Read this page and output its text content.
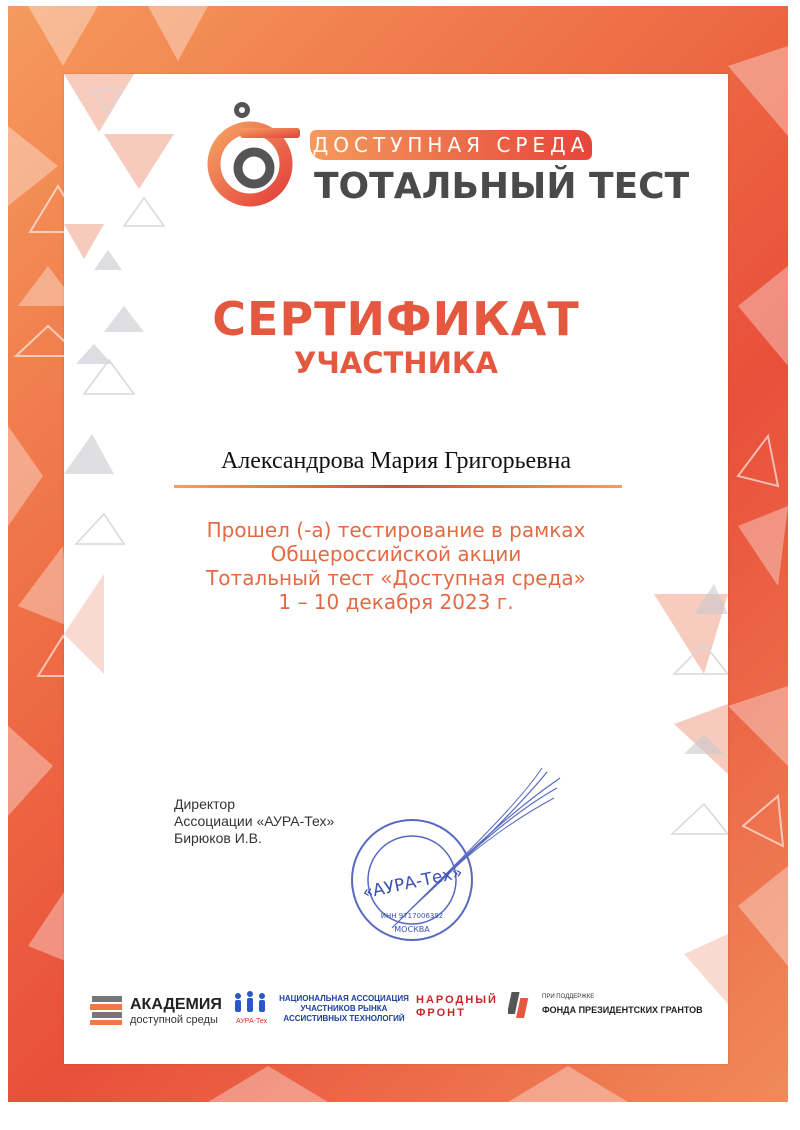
ДОСТУПНАЯ СРЕДА
ТОТАЛЬНЫЙ ТЕСТ
СЕРТИФИКАТ
УЧАСТНИКА
Александрова Мария Григорьевна
Прошел (-а) тестирование в рамках
Общероссийской акции
Тотальный тест «Доступная среда»
1 – 10 декабря 2023 г.
Директор
Ассоциации «АУРА-Тех»
Бирюков И.В.
«АУРА-Тех»
МОСКВА
ИНН 9717006392
АКАДЕМИЯ
доступной среды
НАЦИОНАЛЬНАЯ АССОЦИАЦИЯ
УЧАСТНИКОВ РЫНКА
АССИСТИВНЫХ ТЕХНОЛОГИЙ
АУРА-Тех
НАРОДНЫЙ
ФРОНТ
ПРИ ПОДДЕРЖКЕ
ФОНДА ПРЕЗИДЕНТСКИХ ГРАНТОВ
